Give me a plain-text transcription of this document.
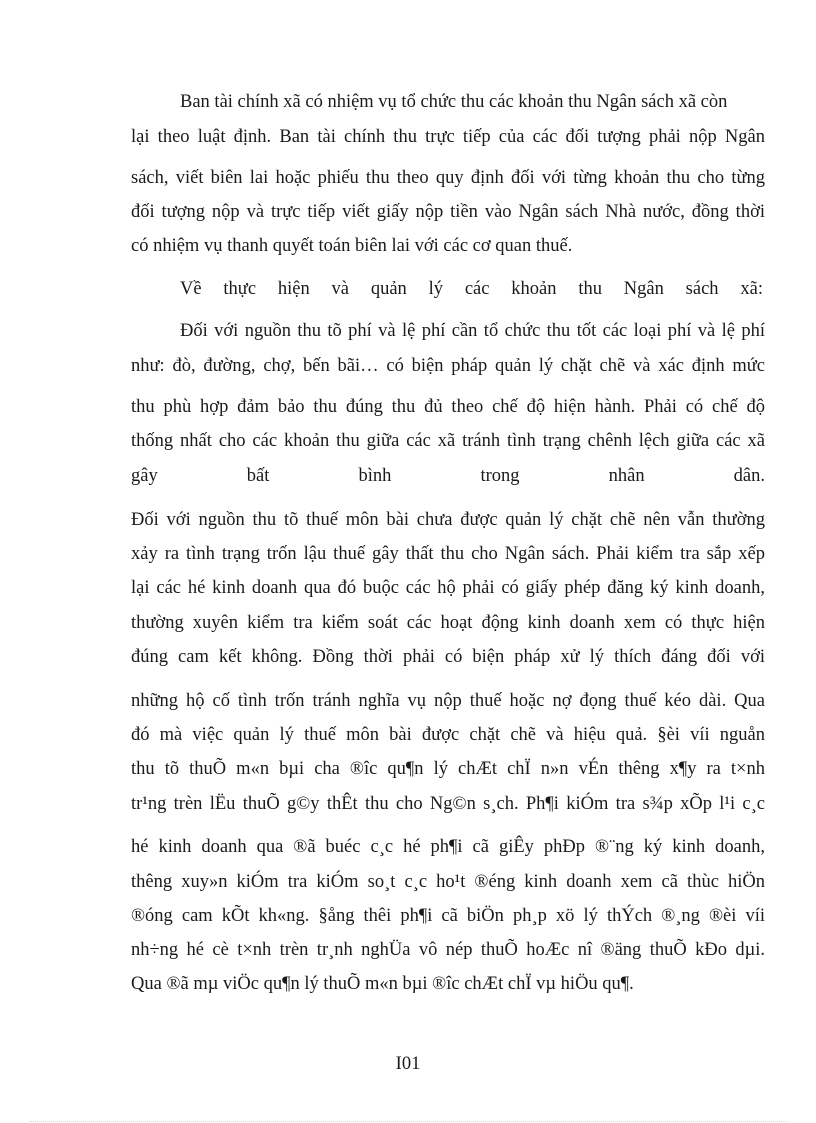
Ban tài chính xã có nhiệm vụ tổ chức thu các khoản thu Ngân sách xã còn

lại theo luật định. Ban tài chính thu trực tiếp của các đối tượng phải nộp Ngân

sách, viết biên lai hoặc phiếu thu theo quy định đối với từng khoản thu cho từng

đối tượng nộp và trực tiếp viết giấy nộp tiền vào Ngân sách Nhà nước, đồng thời

có nhiệm vụ thanh quyết toán biên lai với các cơ quan thuế.

Về thực hiện và quản lý các khoản thu Ngân sách xã:

Đối với nguồn thu tõ phí và lệ phí cần tổ chức thu tốt các loại phí và lệ phí

như: đò, đường, chợ, bến bãi… có biện pháp quản lý chặt chẽ và xác định mức

thu phù hợp đảm bảo thu đúng thu đủ theo chế độ hiện hành. Phải có chế độ

thống nhất cho các khoản thu giữa các xã tránh tình trạng chênh lệch giữa các xã

gây bất bình trong nhân dân.

Đối với nguồn thu tõ thuế môn bài chưa được quản lý chặt chẽ nên vẫn thường

xảy ra tình trạng trốn lậu thuế gây thất thu cho Ngân sách. Phải kiểm tra sắp xếp

lại các hé kinh doanh qua đó buộc các hộ phải có giấy phép đăng ký kinh doanh,

thường xuyên kiểm tra kiểm soát các hoạt động kinh doanh xem có thực hiện

đúng cam kết không. Đồng thời phải có biện pháp xử lý thích đáng đối với

những hộ cố tình trốn tránh nghĩa vụ nộp thuế hoặc nợ đọng thuế kéo dài. Qua

đó mà việc quản lý thuế môn bài được chặt chẽ và hiệu quả. §èi víi nguån

thu tõ thuÕ m«n bµi cha ®îc qu¶n lý chÆt chÏ n»n vÉn thêng x¶y ra t×nh

tr¹ng trèn lËu thuÕ g©y thÊt thu cho Ng©n s¸ch. Ph¶i kiÓm tra s¾p xÕp l¹i c¸c

hé kinh doanh qua ®ã buéc c¸c hé ph¶i cã giÊy phÐp ®¨ng ký kinh doanh,

thêng xuy»n kiÓm tra kiÓm so¸t c¸c ho¹t ®éng kinh doanh xem cã thùc hiÖn

®óng cam kÕt kh«ng. §ång thêi ph¶i cã biÖn ph¸p xö lý thÝch ®¸ng ®èi víi

nh÷ng hé cè t×nh trèn tr¸nh nghÜa vô nép thuÕ hoÆc nî ®äng thuÕ kÐo dµi.

Qua ®ã mµ viÖc qu¶n lý thuÕ m«n bµi ®îc chÆt chÏ vµ hiÖu qu¶.

I01
